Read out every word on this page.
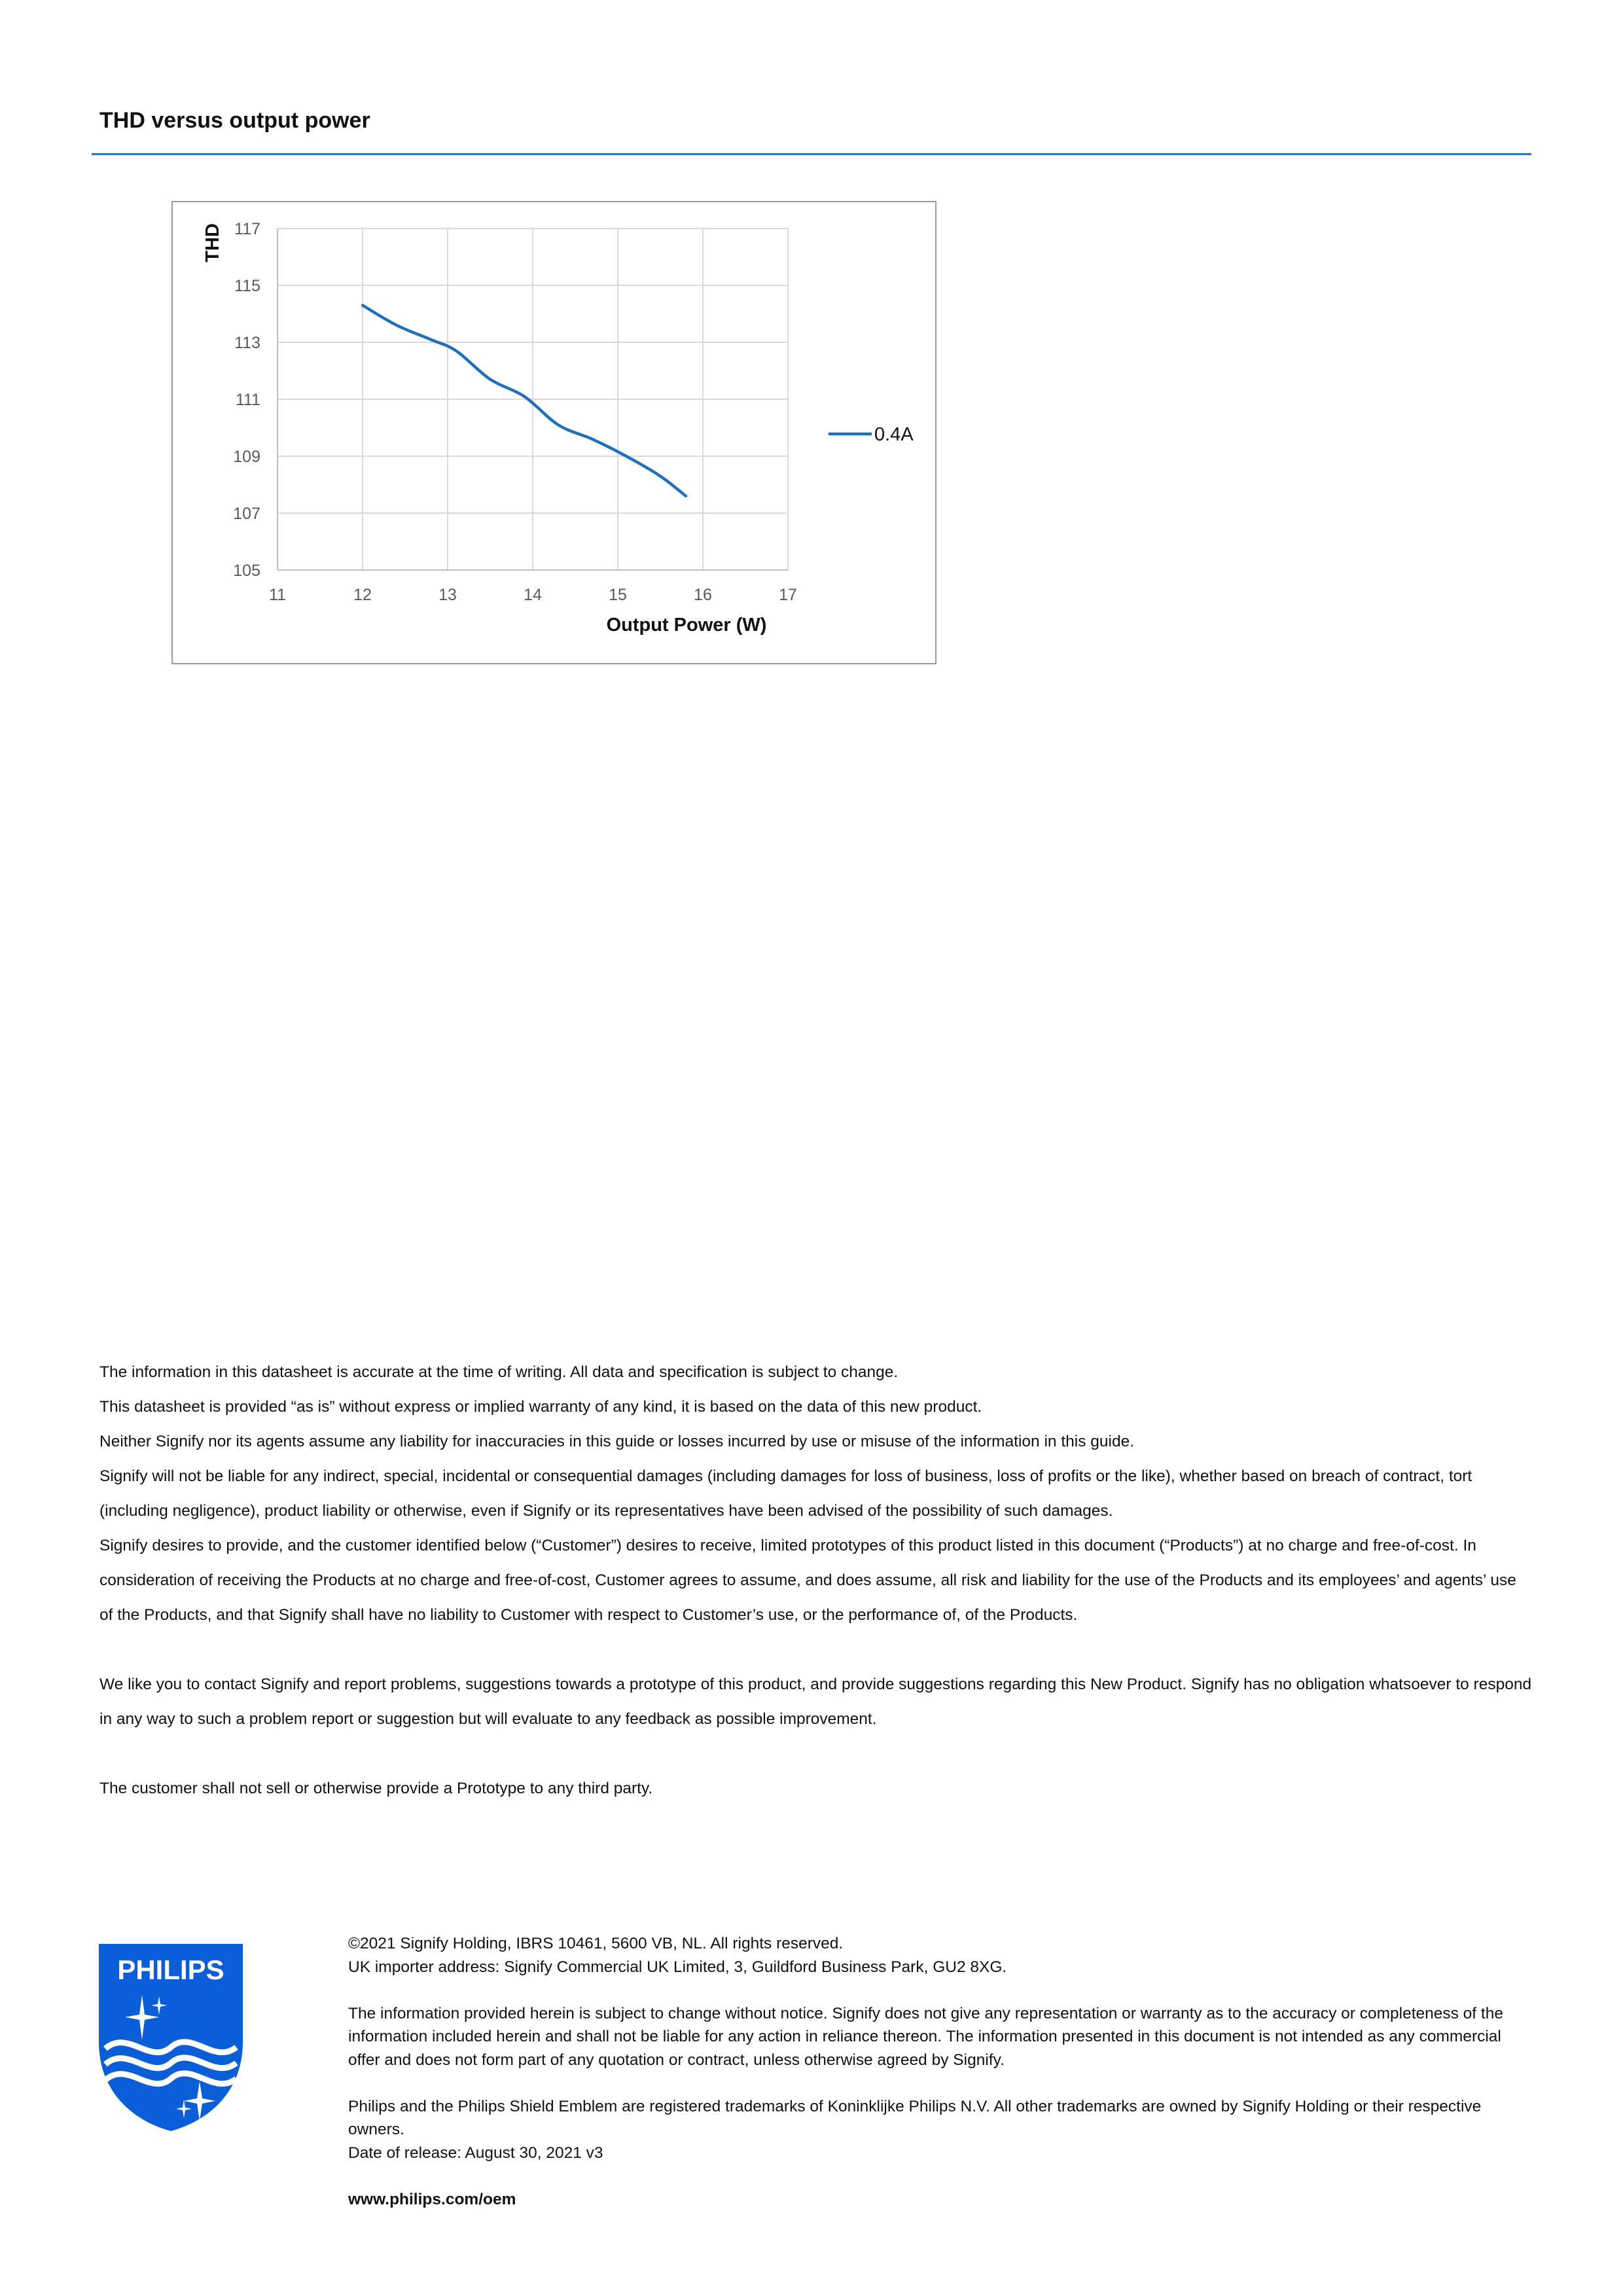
THD versus output power
11	12	13	14	15	16	17
105
107
109
111
113
115
117
Output Power (W)
THD
0.4A

The information in this datasheet is accurate at the time of writing. All data and specification is subject to change.

This datasheet is provided “as is” without express or implied warranty of any kind, it is based on the data of this new product.

Neither Signify nor its agents assume any liability for inaccuracies in this guide or losses incurred by use or misuse of the information in this guide.

Signify will not be liable for any indirect, special, incidental or consequential damages (including damages for loss of business, loss of profits or the like), whether based on breach of contract, tort (including negligence), product liability or otherwise, even if Signify or its representatives have been advised of the possibility of such damages.

Signify desires to provide, and the customer identified below (“Customer”) desires to receive, limited prototypes of this product listed in this document (“Products”) at no charge and free-of-cost. In consideration of receiving the Products at no charge and free-of-cost, Customer agrees to assume, and does assume, all risk and liability for the use of the Products and its employees’ and agents’ use of the Products, and that Signify shall have no liability to Customer with respect to Customer’s use, or the performance of, of the Products.

We like you to contact Signify and report problems, suggestions towards a prototype of this product, and provide suggestions regarding this New Product. Signify has no obligation whatsoever to respond in any way to such a problem report or suggestion but will evaluate to any feedback as possible improvement.

The customer shall not sell or otherwise provide a Prototype to any third party.

PHILIPS

©2021 Signify Holding, IBRS 10461, 5600 VB, NL. All rights reserved.

UK importer address: Signify Commercial UK Limited, 3, Guildford Business Park, GU2 8XG.

The information provided herein is subject to change without notice. Signify does not give any representation or warranty as to the accuracy or completeness of the information included herein and shall not be liable for any action in reliance thereon. The information presented in this document is not intended as any commercial offer and does not form part of any quotation or contract, unless otherwise agreed by Signify.

Philips and the Philips Shield Emblem are registered trademarks of Koninklijke Philips N.V. All other trademarks are owned by Signify Holding or their respective owners.

Date of release: August 30, 2021 v3

www.philips.com/oem
